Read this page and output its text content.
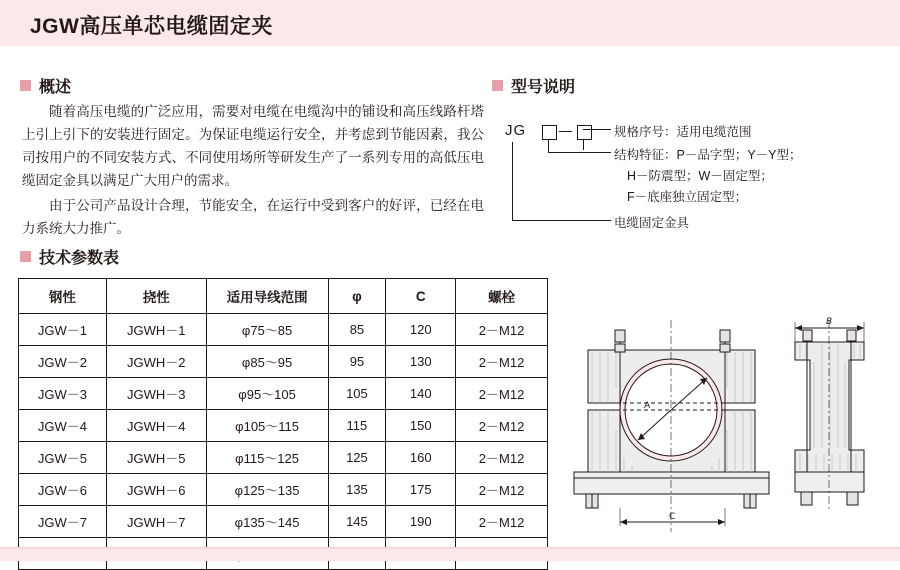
JGW高压单芯电缆固定夹
概述

随着高压电缆的广泛应用，需要对电缆在电缆沟中的铺设和高压线路杆塔上引上引下的安装进行固定。为保证电缆运行安全，并考虑到节能因素，我公司按用户的不同安装方式、不同使用场所等研发生产了一系列专用的高低压电缆固定金具以满足广大用户的需求。

由于公司产品设计合理，节能安全，在运行中受到客户的好评，已经在电力系统大力推广。

型号说明
JG	规格序号：适用电缆范围
结构特征：P－品字型；Y－Y型；
H－防震型；W－固定型；
F－底座独立固定型；
电缆固定金具
技术参数表
钢性	挠性	适用导线范围	φ	C	螺栓
JGW－1	JGWH－1	φ75～85	85	120	2－M12
JGW－2	JGWH－2	φ85～95	95	130	2－M12
JGW－3	JGWH－3	φ95～105	105	140	2－M12
JGW－4	JGWH－4	φ105～115	115	150	2－M12
JGW－5	JGWH－5	φ115～125	125	160	2－M12
JGW－6	JGWH－6	φ125～135	135	175	2－M12
JGW－7	JGWH－7	φ135～145	145	190	2－M12

A
C
B
